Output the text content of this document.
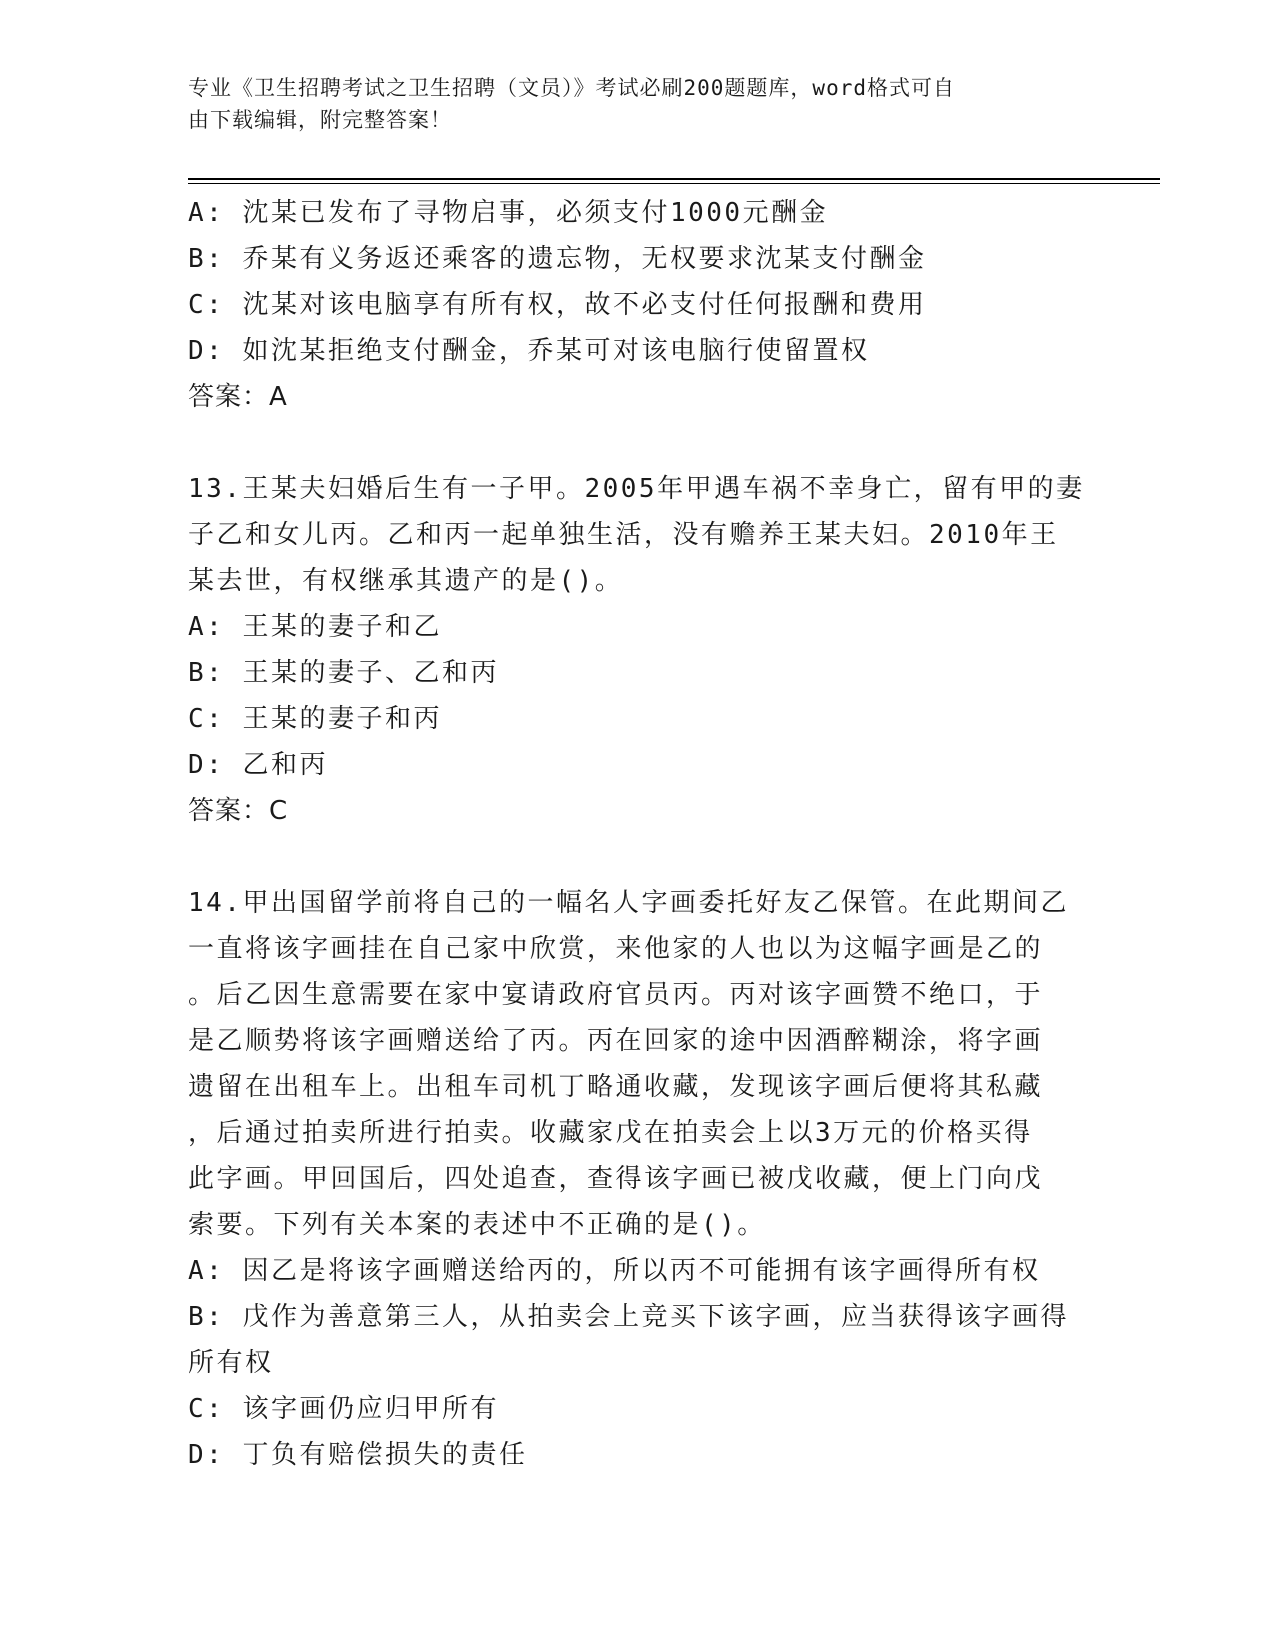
专业《卫生招聘考试之卫生招聘（文员）》考试必刷200题题库，word格式可自
由下载编辑，附完整答案！
A: 沈某已发布了寻物启事，必须支付1000元酬金
B: 乔某有义务返还乘客的遗忘物，无权要求沈某支付酬金
C: 沈某对该电脑享有所有权，故不必支付任何报酬和费用
D: 如沈某拒绝支付酬金，乔某可对该电脑行使留置权
答案：A
13.王某夫妇婚后生有一子甲。2005年甲遇车祸不幸身亡，留有甲的妻
子乙和女儿丙。乙和丙一起单独生活，没有赡养王某夫妇。2010年王
某去世，有权继承其遗产的是()。
A: 王某的妻子和乙
B: 王某的妻子、乙和丙
C: 王某的妻子和丙
D: 乙和丙
答案：C
14.甲出国留学前将自己的一幅名人字画委托好友乙保管。在此期间乙
一直将该字画挂在自己家中欣赏，来他家的人也以为这幅字画是乙的
。后乙因生意需要在家中宴请政府官员丙。丙对该字画赞不绝口，于
是乙顺势将该字画赠送给了丙。丙在回家的途中因酒醉糊涂，将字画
遗留在出租车上。出租车司机丁略通收藏，发现该字画后便将其私藏
，后通过拍卖所进行拍卖。收藏家戊在拍卖会上以3万元的价格买得
此字画。甲回国后，四处追查，查得该字画已被戊收藏，便上门向戊
索要。下列有关本案的表述中不正确的是()。
A: 因乙是将该字画赠送给丙的，所以丙不可能拥有该字画得所有权
B: 戊作为善意第三人，从拍卖会上竞买下该字画，应当获得该字画得
所有权
C: 该字画仍应归甲所有
D: 丁负有赔偿损失的责任
